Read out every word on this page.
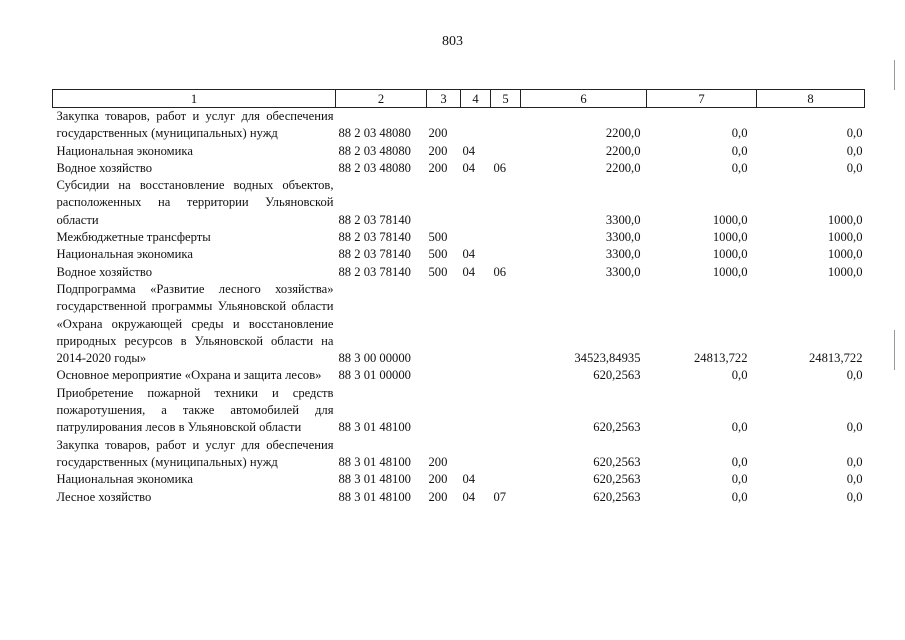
803
1	2	3	4	5	6	7	8
Закупка товаров, работ и услуг для обеспечения государственных (муниципальных) нужд	88 2 03 48080	200			2200,0	0,0	0,0
Национальная экономика	88 2 03 48080	200	04		2200,0	0,0	0,0
Водное хозяйство	88 2 03 48080	200	04	06	2200,0	0,0	0,0
Субсидии на восстановление водных объектов, расположенных на территории Ульяновской области	88 2 03 78140				3300,0	1000,0	1000,0
Межбюджетные трансферты	88 2 03 78140	500			3300,0	1000,0	1000,0
Национальная экономика	88 2 03 78140	500	04		3300,0	1000,0	1000,0
Водное хозяйство	88 2 03 78140	500	04	06	3300,0	1000,0	1000,0
Подпрограмма «Развитие лесного хозяйства» государственной программы Ульяновской области «Охрана окружающей среды и восстановление природных ресурсов в Ульяновской области на 2014-2020 годы»	88 3 00 00000				34523,84935	24813,722	24813,722
Основное мероприятие «Охрана и защита лесов»	88 3 01 00000				620,2563	0,0	0,0
Приобретение пожарной техники и средств пожаротушения, а также автомобилей для патрулирования лесов в Ульяновской области	88 3 01 48100				620,2563	0,0	0,0
Закупка товаров, работ и услуг для обеспечения государственных (муниципальных) нужд	88 3 01 48100	200			620,2563	0,0	0,0
Национальная экономика	88 3 01 48100	200	04		620,2563	0,0	0,0
Лесное хозяйство	88 3 01 48100	200	04	07	620,2563	0,0	0,0
